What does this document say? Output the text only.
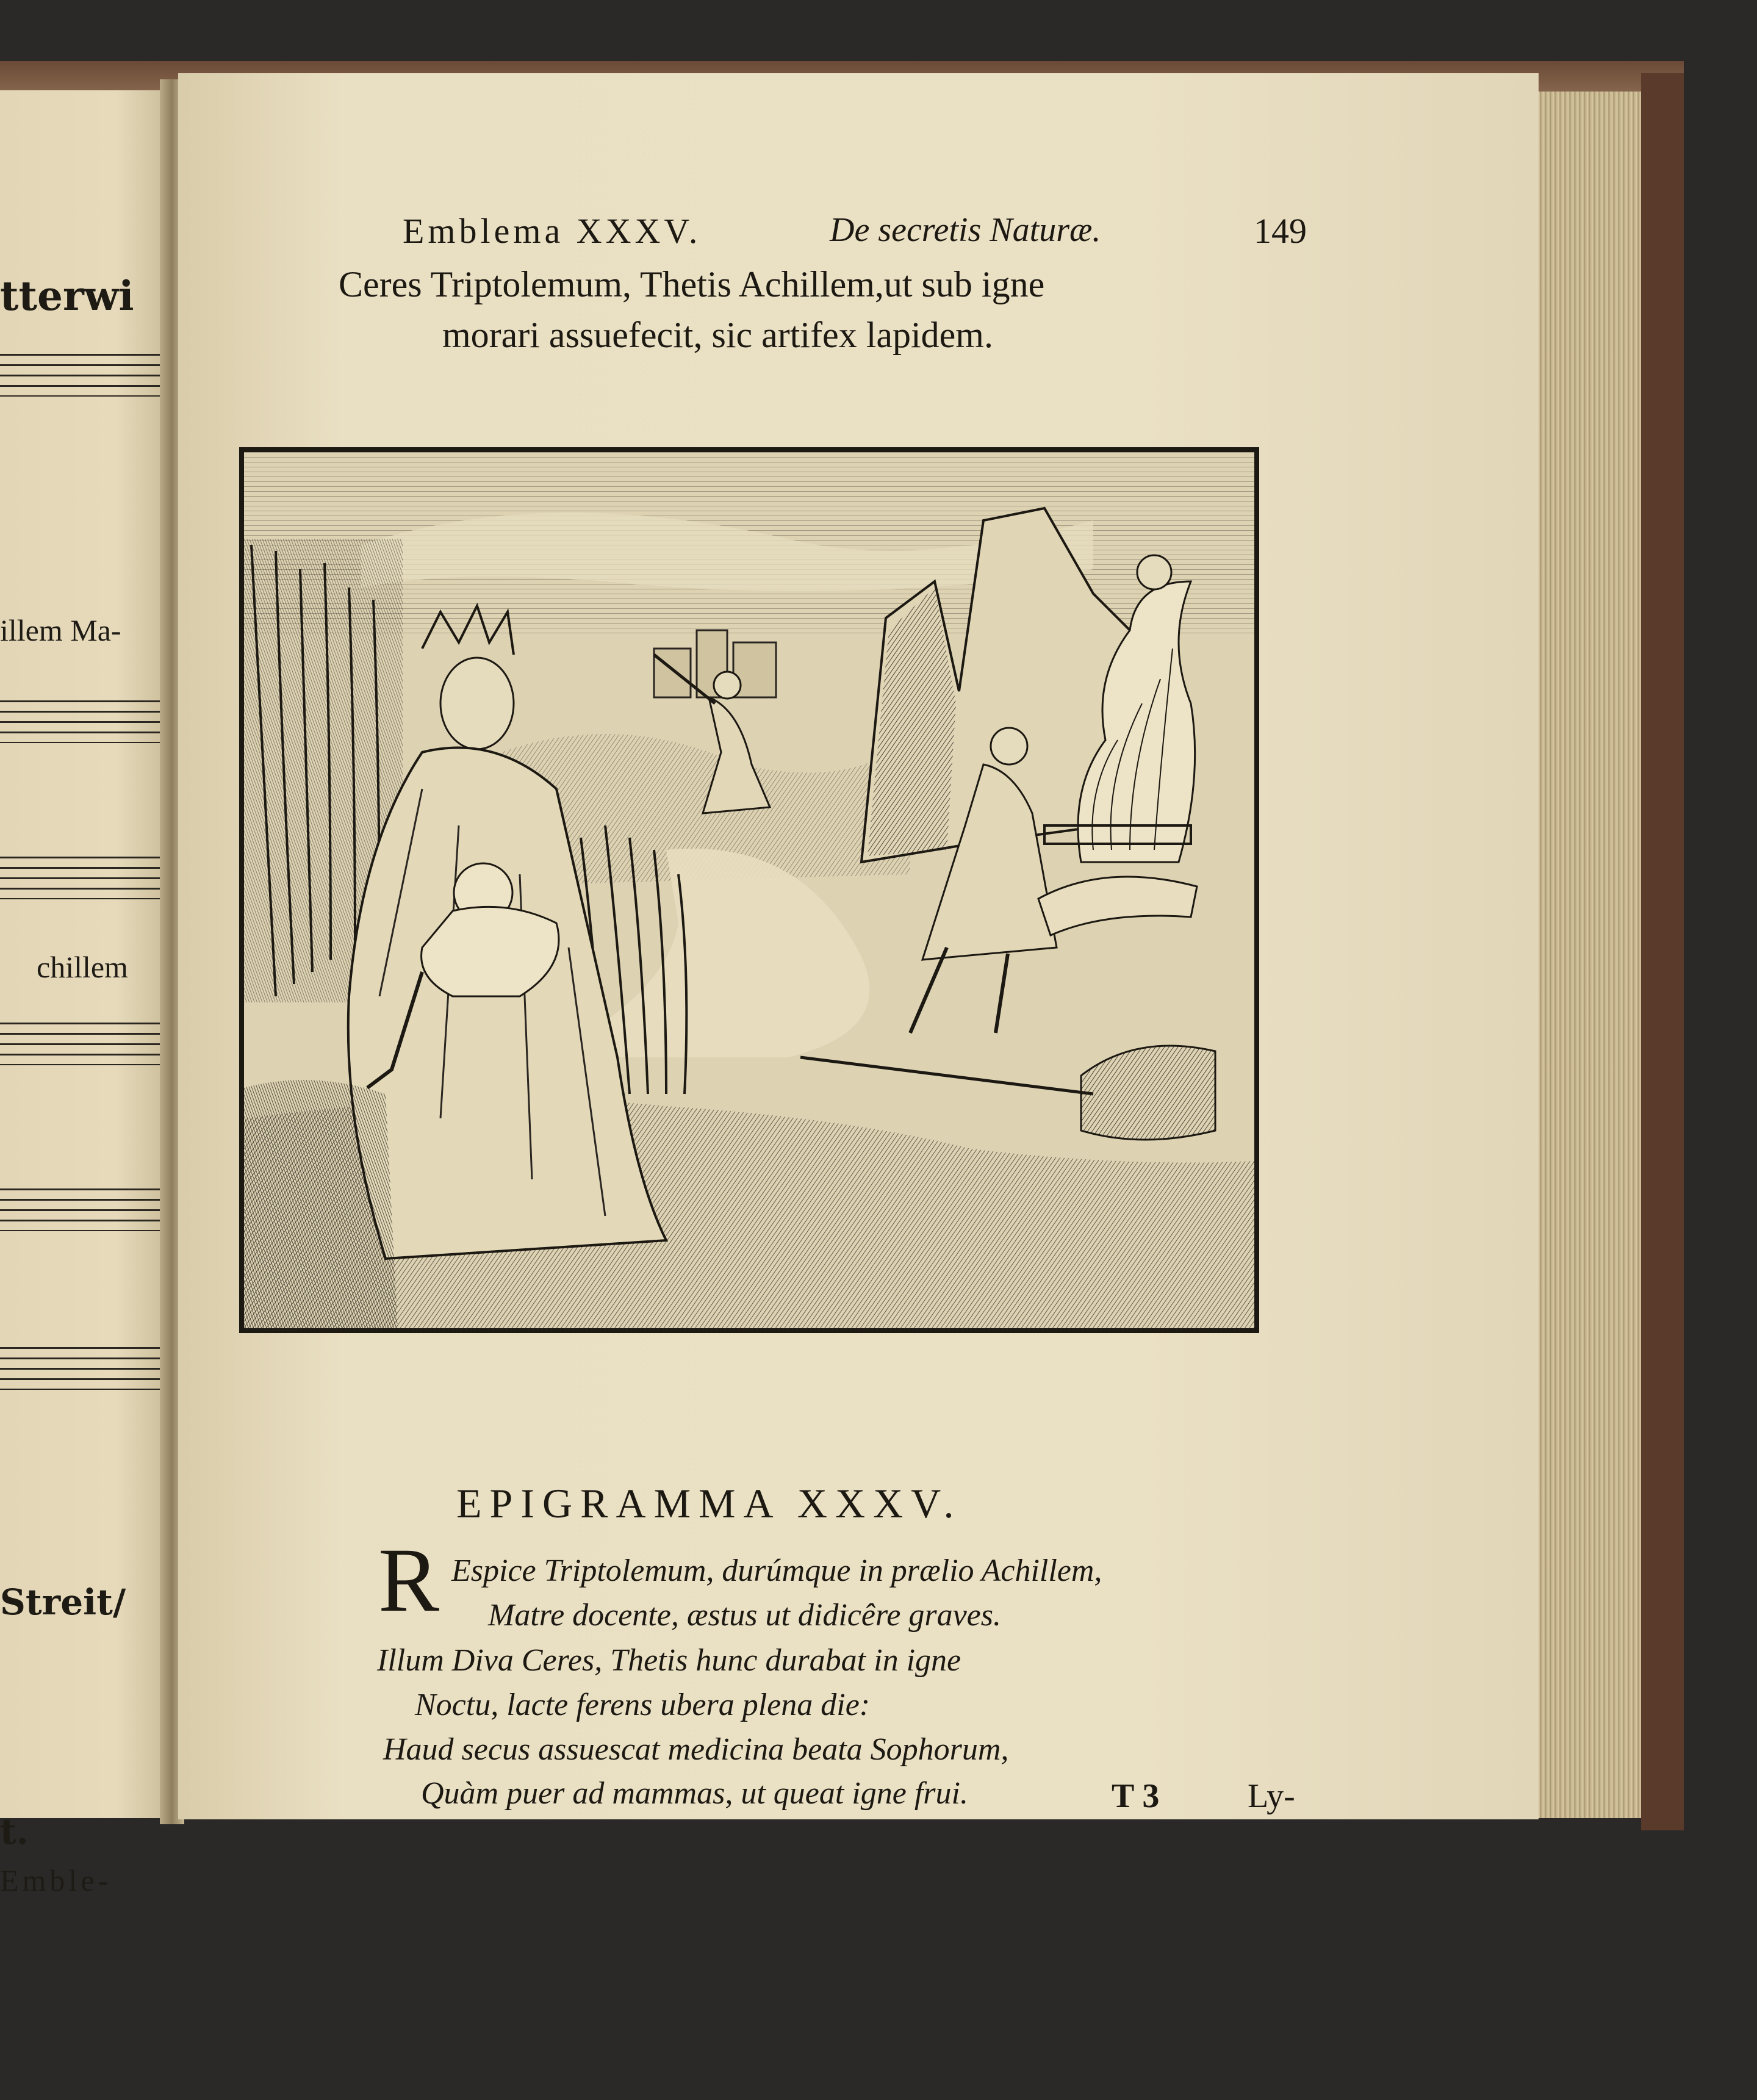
tterwi
illem Ma-
chillem
Streit/
t.
Emble-
Emblema XXXV.	De secretis Naturæ.	149
Ceres Triptolemum, Thetis Achillem,ut sub igne
morari assuefecit, sic artifex lapidem.
EPIGRAMMA XXXV.
R Espice Triptolemum, durúmque in prælio Achillem,
Matre docente, æstus ut didicêre graves.
Illum Diva Ceres, Thetis hunc durabat in igne
Noctu, lacte ferens ubera plena die:
Haud secus assuescat medicina beata Sophorum,
Quàm puer ad mammas, ut queat igne frui.	T 3	Ly-
